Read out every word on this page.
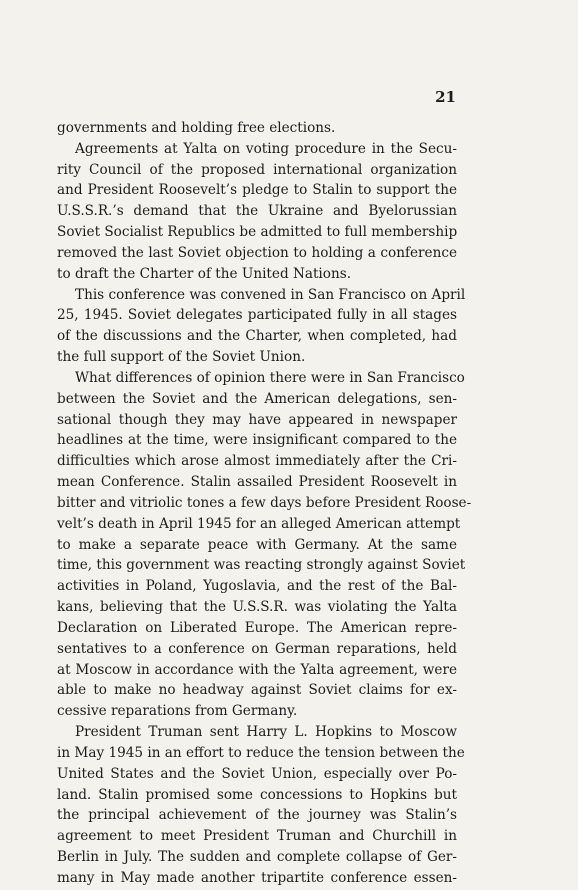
21
governments and holding free elections.
Agreements at Yalta on voting procedure in the Secu-
rity Council of the proposed international organization
and President Roosevelt’s pledge to Stalin to support the
U.S.S.R.’s demand that the Ukraine and Byelorussian
Soviet Socialist Republics be admitted to full membership
removed the last Soviet objection to holding a conference
to draft the Charter of the United Nations.
This conference was convened in San Francisco on April
25, 1945. Soviet delegates participated fully in all stages
of the discussions and the Charter, when completed, had
the full support of the Soviet Union.
What differences of opinion there were in San Francisco
between the Soviet and the American delegations, sen-
sational though they may have appeared in newspaper
headlines at the time, were insignificant compared to the
difficulties which arose almost immediately after the Cri-
mean Conference. Stalin assailed President Roosevelt in
bitter and vitriolic tones a few days before President Roose-
velt’s death in April 1945 for an alleged American attempt
to make a separate peace with Germany. At the same
time, this government was reacting strongly against Soviet
activities in Poland, Yugoslavia, and the rest of the Bal-
kans, believing that the U.S.S.R. was violating the Yalta
Declaration on Liberated Europe. The American repre-
sentatives to a conference on German reparations, held
at Moscow in accordance with the Yalta agreement, were
able to make no headway against Soviet claims for ex-
cessive reparations from Germany.
President Truman sent Harry L. Hopkins to Moscow
in May 1945 in an effort to reduce the tension between the
United States and the Soviet Union, especially over Po-
land. Stalin promised some concessions to Hopkins but
the principal achievement of the journey was Stalin’s
agreement to meet President Truman and Churchill in
Berlin in July. The sudden and complete collapse of Ger-
many in May made another tripartite conference essen-
